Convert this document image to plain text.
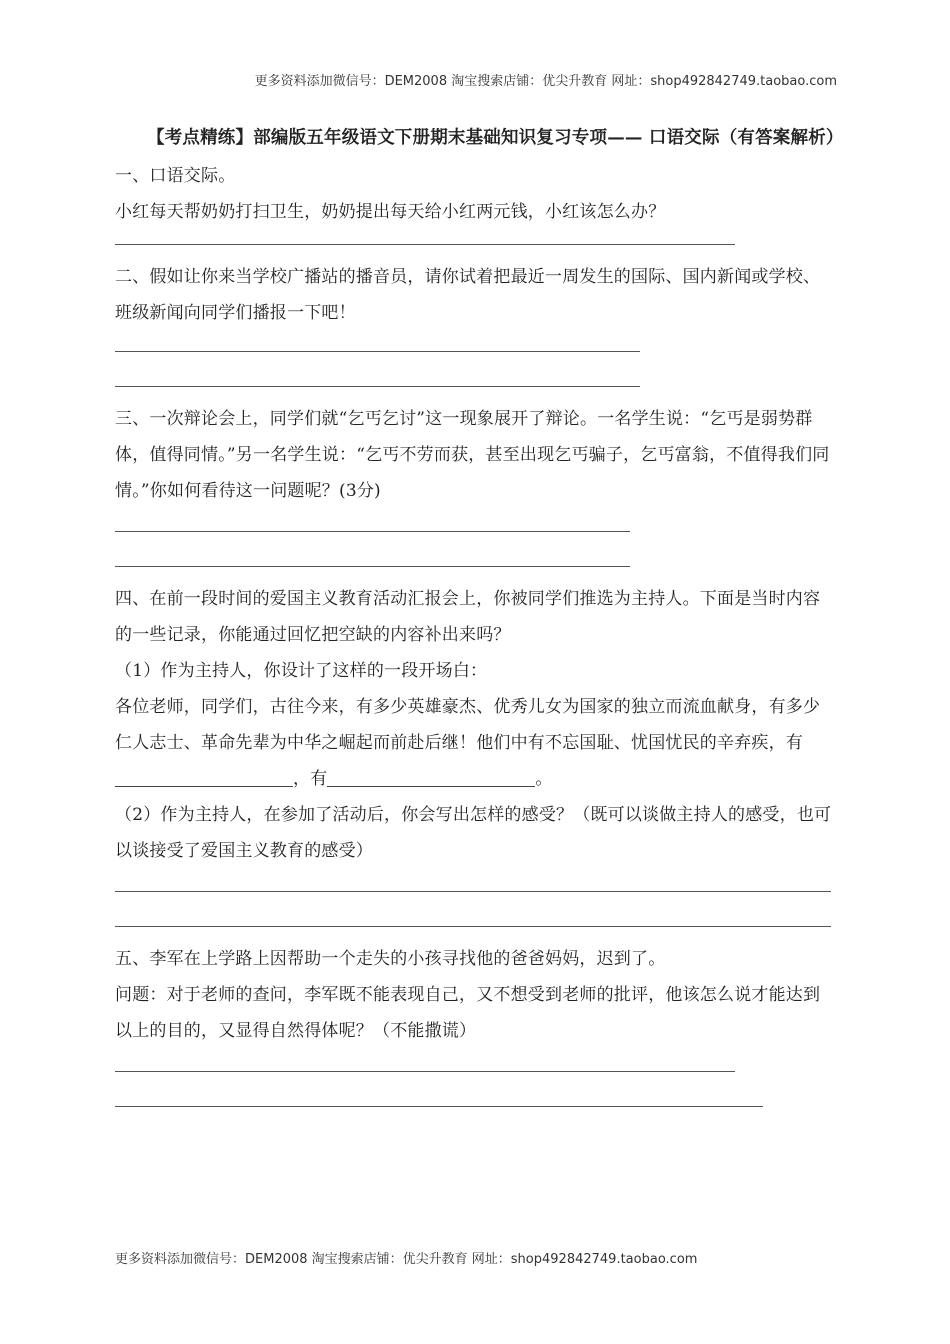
更多资料添加微信号：DEM2008 淘宝搜索店铺：优尖升教育 网址：shop492842749.taobao.com

【考点精练】部编版五年级语文下册期末基础知识复习专项—— 口语交际（有答案解析）

一、口语交际。

小红每天帮奶奶打扫卫生，奶奶提出每天给小红两元钱，小红该怎么办？

二、假如让你来当学校广播站的播音员，请你试着把最近一周发生的国际、国内新闻或学校、班级新闻向同学们播报一下吧！

三、一次辩论会上，同学们就“乞丐乞讨”这一现象展开了辩论。一名学生说：“乞丐是弱势群体，值得同情。”另一名学生说：“乞丐不劳而获，甚至出现乞丐骗子，乞丐富翁，不值得我们同情。”你如何看待这一问题呢？(3分)

四、在前一段时间的爱国主义教育活动汇报会上，你被同学们推选为主持人。下面是当时内容的一些记录，你能通过回忆把空缺的内容补出来吗？

（1）作为主持人，你设计了这样的一段开场白：

各位老师，同学们，古往今来，有多少英雄豪杰、优秀儿女为国家的独立而流血献身，有多少仁人志士、革命先辈为中华之崛起而前赴后继！他们中有不忘国耻、忧国忧民的辛弃疾，有，有	。

（2）作为主持人，在参加了活动后，你会写出怎样的感受？（既可以谈做主持人的感受，也可以谈接受了爱国主义教育的感受）

五、李军在上学路上因帮助一个走失的小孩寻找他的爸爸妈妈，迟到了。

问题：对于老师的查问，李军既不能表现自己，又不想受到老师的批评，他该怎么说才能达到以上的目的，又显得自然得体呢？（不能撒谎）

更多资料添加微信号：DEM2008 淘宝搜索店铺：优尖升教育 网址：shop492842749.taobao.com
